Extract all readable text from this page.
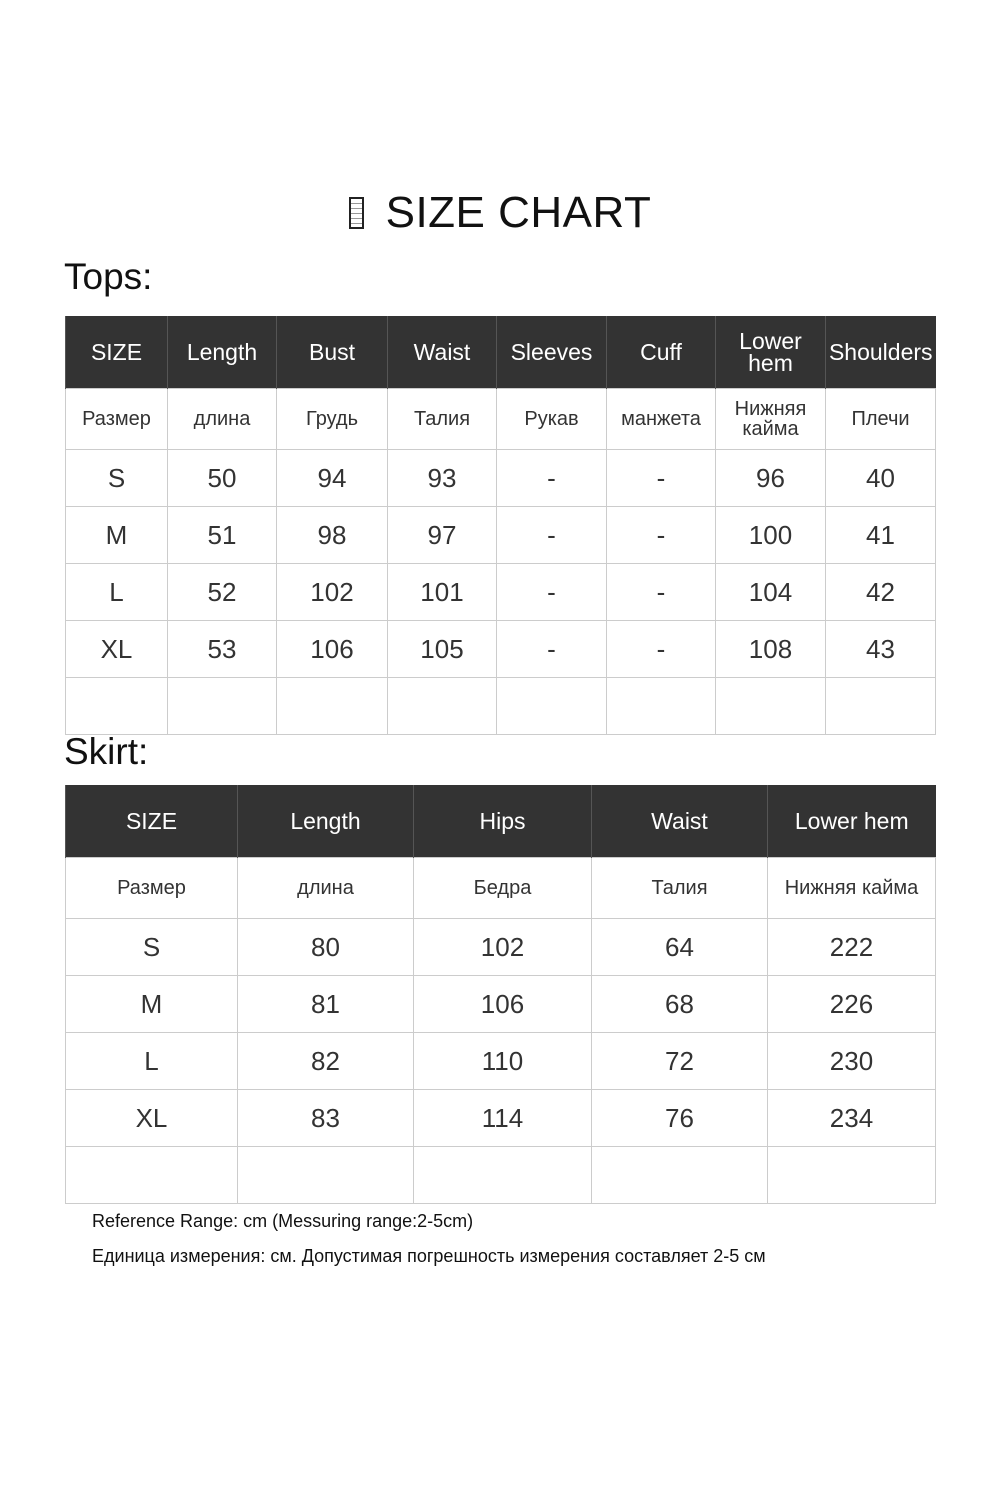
SIZE CHART
Tops:
SIZE	Length	Bust	Waist	Sleeves	Cuff	Lower hem	Shoulders
Размер	длина	Грудь	Талия	Рукав	манжета	Нижняя кайма	Плечи
S	50	94	93	-	-	96	40
M	51	98	97	-	-	100	41
L	52	102	101	-	-	104	42
XL	53	106	105	-	-	108	43

Skirt:
SIZE	Length	Hips	Waist	Lower hem
Размер	длина	Бедра	Талия	Нижняя кайма
S	80	102	64	222
M	81	106	68	226
L	82	110	72	230
XL	83	114	76	234

Reference Range: cm (Messuring range:2-5cm)
Единица измерения: см. Допустимая погрешность измерения составляет 2-5 см
